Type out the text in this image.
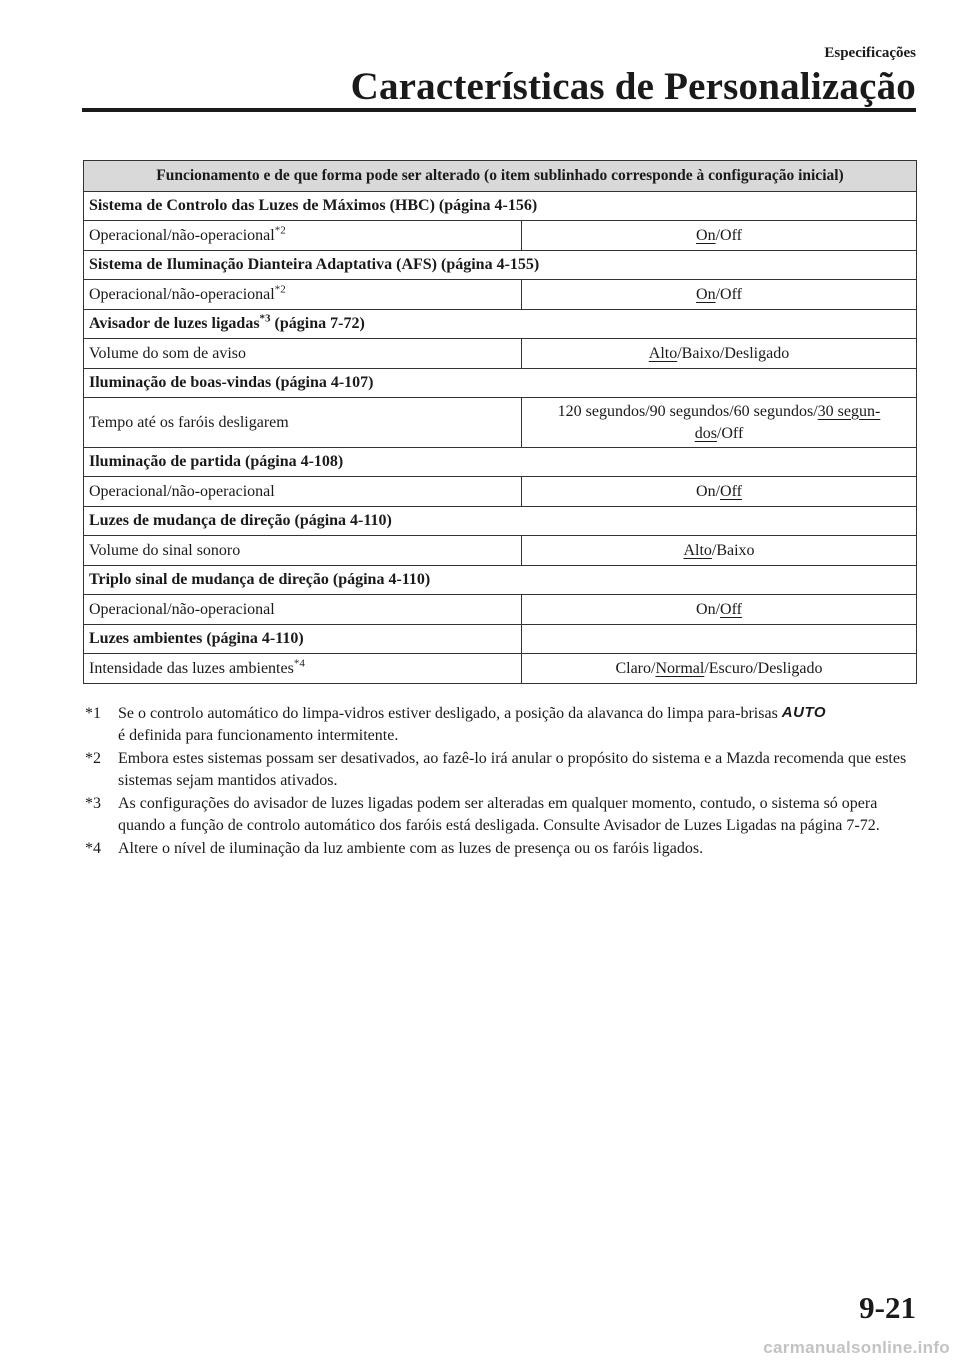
Especificações
Características de Personalização
Funcionamento e de que forma pode ser alterado (o item sublinhado corresponde à configuração inicial)	
Sistema de Controlo das Luzes de Máximos (HBC) (página 4-156)	
Operacional/não-operacional$^{*2}$	On/Off
Sistema de Iluminação Dianteira Adaptativa (AFS) (página 4-155)	
Operacional/não-operacional$^{*2}$	On/Off
Avisador de luzes ligadas$^{*3}$ (página 7-72)	
Volume do som de aviso	Alto/Baixo/Desligado
Iluminação de boas-vindas (página 4-107)	
Tempo até os faróis desligarem	120 segundos/90 segundos/60 segundos/30 segun-
dos/Off
Iluminação de partida (página 4-108)	
Operacional/não-operacional	On/Off
Luzes de mudança de direção (página 4-110)	
Volume do sinal sonoro	Alto/Baixo
Triplo sinal de mudança de direção (página 4-110)	
Operacional/não-operacional	On/Off
Luzes ambientes (página 4-110)	
Intensidade das luzes ambientes$^{*4}$	Claro/Normal/Escuro/Desligado
*1 Se o controlo automático do limpa-vidros estiver desligado, a posição da alavanca do limpa para-brisas AUTO
é definida para funcionamento intermitente.
*2 Embora estes sistemas possam ser desativados, ao fazê-lo irá anular o propósito do sistema e a Mazda recomenda que estes sistemas sejam mantidos ativados.
*3 As configurações do avisador de luzes ligadas podem ser alteradas em qualquer momento, contudo, o sistema só opera quando a função de controlo automático dos faróis está desligada. Consulte Avisador de Luzes Ligadas na página 7-72.
*4 Altere o nível de iluminação da luz ambiente com as luzes de presença ou os faróis ligados.
9-21
carmanualsonline.info
